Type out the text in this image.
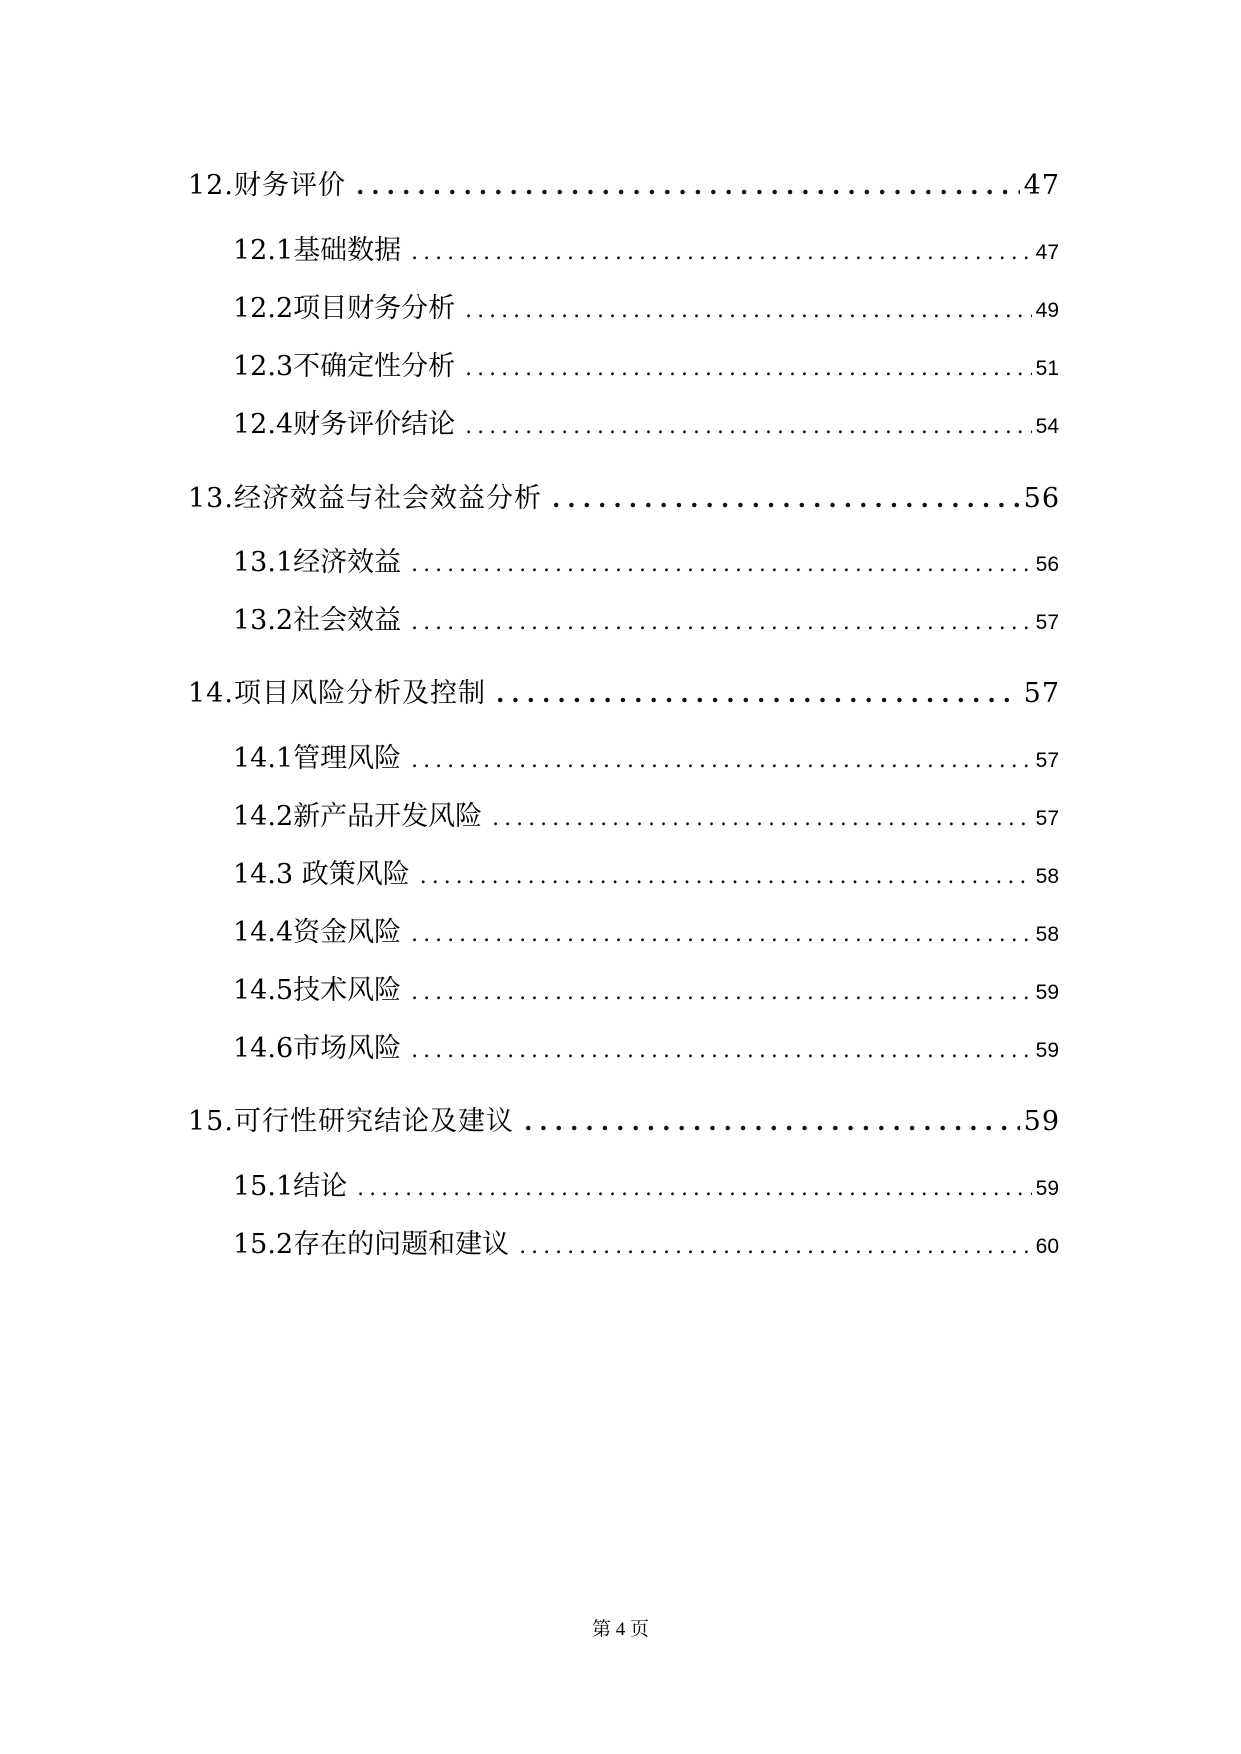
12.财务评价 .....	47
12.1基础数据 .....	47
12.2项目财务分析 .....	49
12.3不确定性分析 .....	51
12.4财务评价结论 .....	54
13.经济效益与社会效益分析 .....	56
13.1经济效益 .....	56
13.2社会效益 .....	57
14.项目风险分析及控制 .....	57
14.1管理风险 .....	57
14.2新产品开发风险 .....	57
14.3 政策风险 .....	58
14.4资金风险 .....	58
14.5技术风险 .....	59
14.6市场风险 .....	59
15.可行性研究结论及建议 .....	59
15.1结论 .....	59
15.2存在的问题和建议 .....	60
第 4 页
